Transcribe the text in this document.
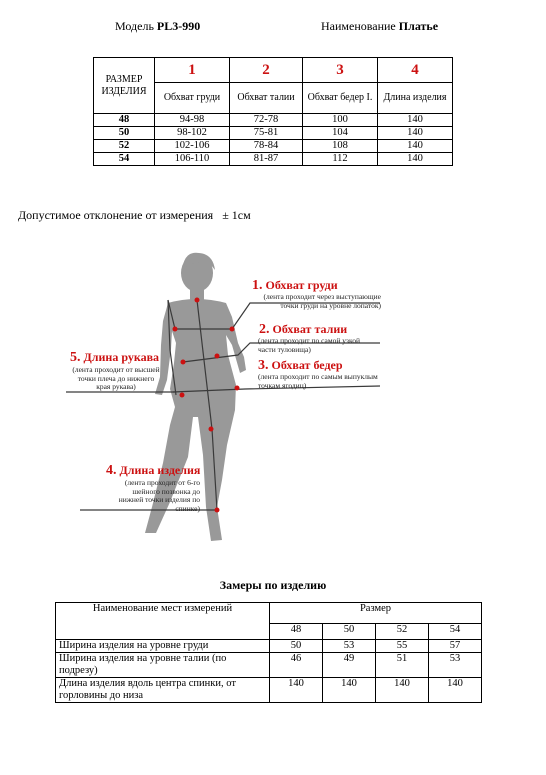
Модель PL3-990	Наименование Платье
РАЗМЕР ИЗДЕЛИЯ	1	2	3	4
	Обхват груди	Обхват талии	Обхват бедер I.	Длина изделия
48	94-98	72-78	100	140
50	98-102	75-81	104	140
52	102-106	78-84	108	140
54	106-110	81-87	112	140
Допустимое отклонение от измерения ± 1см
1. Обхват груди
(лента проходит через выступающие точки груди на уровне лопаток)
2. Обхват талии
(лента проходит по самой узкой части туловища)
3. Обхват бедер
(лента проходит по самым выпуклым точкам ягодиц)
5. Длина рукава
(лента проходит от высшей точки плеча до нижнего края рукава)
4. Длина изделия
(лента проходит от 6-го шейного позвонка до нижней точки изделия по спинке)
Замеры по изделию
Наименование мест измерений	Размер			
	48	50	52	54
Ширина изделия на уровне груди	50	53	55	57
Ширина изделия на уровне талии (по подрезу)	46	49	51	53
Длина изделия вдоль центра спинки, от горловины до низа	140	140	140	140
